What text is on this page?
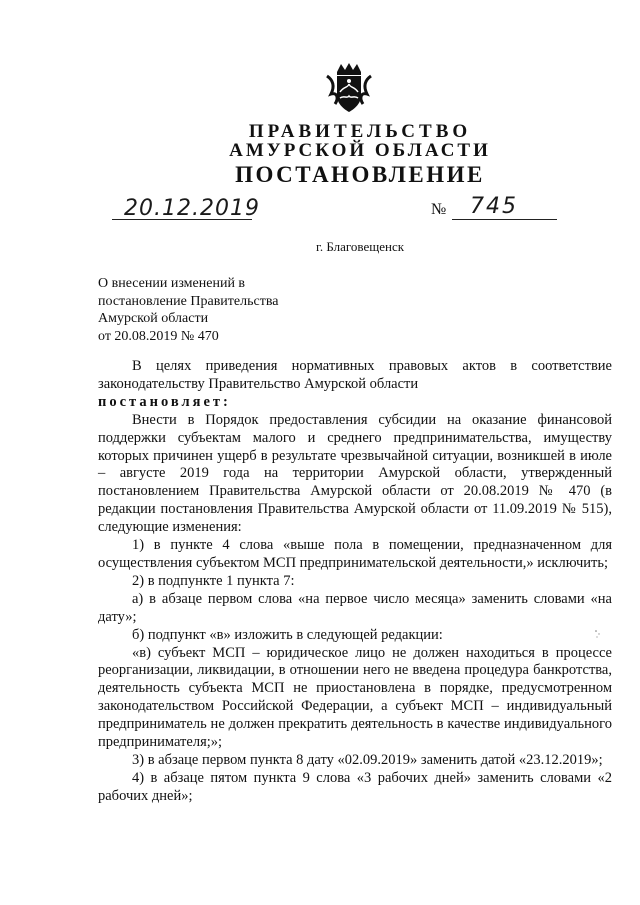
ПРАВИТЕЛЬСТВО
АМУРСКОЙ ОБЛАСТИ
ПОСТАНОВЛЕНИЕ
20.12.2019	№ 745
г. Благовещенск
О внесении изменений в
постановление Правительства
Амурской области
от 20.08.2019 № 470

В целях приведения нормативных правовых актов в соответствие законодательству Правительство Амурской области

постановляет:

Внести в Порядок предоставления субсидии на оказание финансовой поддержки субъектам малого и среднего предпринимательства, имуществу которых причинен ущерб в результате чрезвычайной ситуации, возникшей в июле – августе 2019 года на территории Амурской области, утвержденный постановлением Правительства Амурской области от 20.08.2019 № 470 (в редакции постановления Правительства Амурской области от 11.09.2019 № 515), следующие изменения:

1) в пункте 4 слова «выше пола в помещении, предназначенном для осуществления субъектом МСП предпринимательской деятельности,» исключить;

2) в подпункте 1 пункта 7:

а) в абзаце первом слова «на первое число месяца» заменить словами «на дату»;

б) подпункт «в» изложить в следующей редакции:

«в) субъект МСП – юридическое лицо не должен находиться в процессе реорганизации, ликвидации, в отношении него не введена процедура банкротства, деятельность субъекта МСП не приостановлена в порядке, предусмотренном законодательством Российской Федерации, а субъект МСП – индивидуальный предприниматель не должен прекратить деятельность в качестве индивидуального предпринимателя;»;

3) в абзаце первом пункта 8 дату «02.09.2019» заменить датой «23.12.2019»;

4) в абзаце пятом пункта 9 слова «3 рабочих дней» заменить словами «2 рабочих дней»;
